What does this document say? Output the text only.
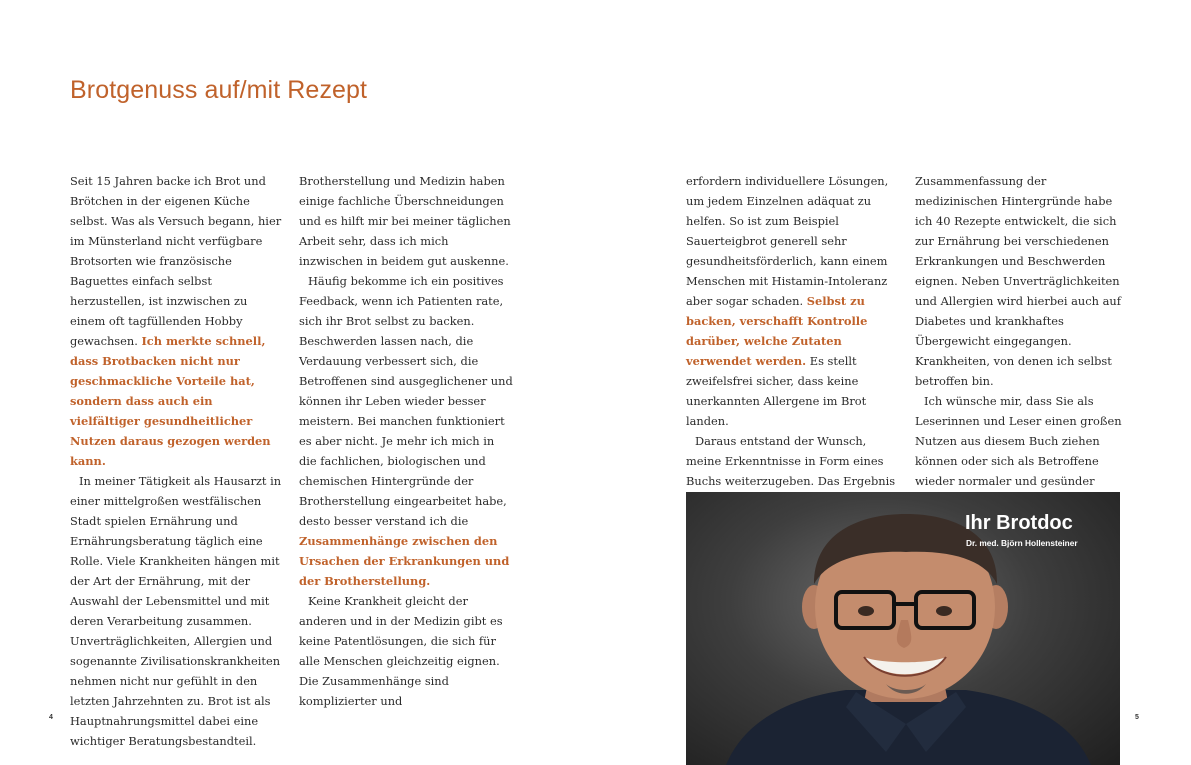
Brotgenuss auf/mit Rezept

Seit 15 Jahren backe ich Brot und Brötchen in der eigenen Küche selbst. Was als Versuch begann, hier im Münsterland nicht verfügbare Brotsorten wie französische Baguettes einfach selbst herzustellen, ist inzwischen zu einem oft tagfüllenden Hobby gewachsen. Ich merkte schnell, dass Brotbacken nicht nur geschmackliche Vorteile hat, sondern dass auch ein vielfältiger gesundheitlicher Nutzen daraus gezogen werden kann.

In meiner Tätigkeit als Hausarzt in einer mittelgroßen westfälischen Stadt spielen Ernährung und Ernährungsberatung täglich eine Rolle. Viele Krankheiten hängen mit der Art der Ernährung, mit der Auswahl der Lebensmittel und mit deren Verarbeitung zusammen. Unverträglichkeiten, Allergien und sogenannte Zivilisationskrankheiten nehmen nicht nur gefühlt in den letzten Jahrzehnten zu. Brot ist als Hauptnahrungsmittel dabei eine wichtiger Beratungsbestandteil.

Brotherstellung und Medizin haben einige fachliche Überschneidungen und es hilft mir bei meiner täglichen Arbeit sehr, dass ich mich inzwischen in beidem gut auskenne.

Häufig bekomme ich ein positives Feedback, wenn ich Patienten rate, sich ihr Brot selbst zu backen. Beschwerden lassen nach, die Verdauung verbessert sich, die Betroffenen sind ausgeglichener und können ihr Leben wieder besser meistern. Bei manchen funktioniert es aber nicht. Je mehr ich mich in die fachlichen, biologischen und chemischen Hintergründe der Brotherstellung eingearbeitet habe, desto besser verstand ich die Zusammenhänge zwischen den Ursachen der Erkrankungen und der Brotherstellung.

Keine Krankheit gleicht der anderen und in der Medizin gibt es keine Patentlösungen, die sich für alle Menschen gleichzeitig eignen. Die Zusammenhänge sind komplizierter und

erfordern individuellere Lösungen, um jedem Einzelnen adäquat zu helfen. So ist zum Beispiel Sauerteigbrot generell sehr gesundheitsförderlich, kann einem Menschen mit Histamin-Intoleranz aber sogar schaden. Selbst zu backen, verschafft Kontrolle darüber, welche Zutaten verwendet werden. Es stellt zweifelsfrei sicher, dass keine unerkannten Allergene im Brot landen.

Daraus entstand der Wunsch, meine Erkenntnisse in Form eines Buchs weiterzugeben. Das Ergebnis

Zusammenfassung der medizinischen Hintergründe habe ich 40 Rezepte entwickelt, die sich zur Ernährung bei verschiedenen Erkrankungen und Beschwerden eignen. Neben Unverträglichkeiten und Allergien wird hierbei auch auf Diabetes und krankhaftes Übergewicht eingegangen. Krankheiten, von denen ich selbst betroffen bin.

Ich wünsche mir, dass Sie als Leserinnen und Leser einen großen Nutzen aus diesem Buch ziehen können oder sich als Betroffene wieder normaler und gesünder

Ihr Brotdoc
Dr. med. Björn Hollensteiner
4	5
